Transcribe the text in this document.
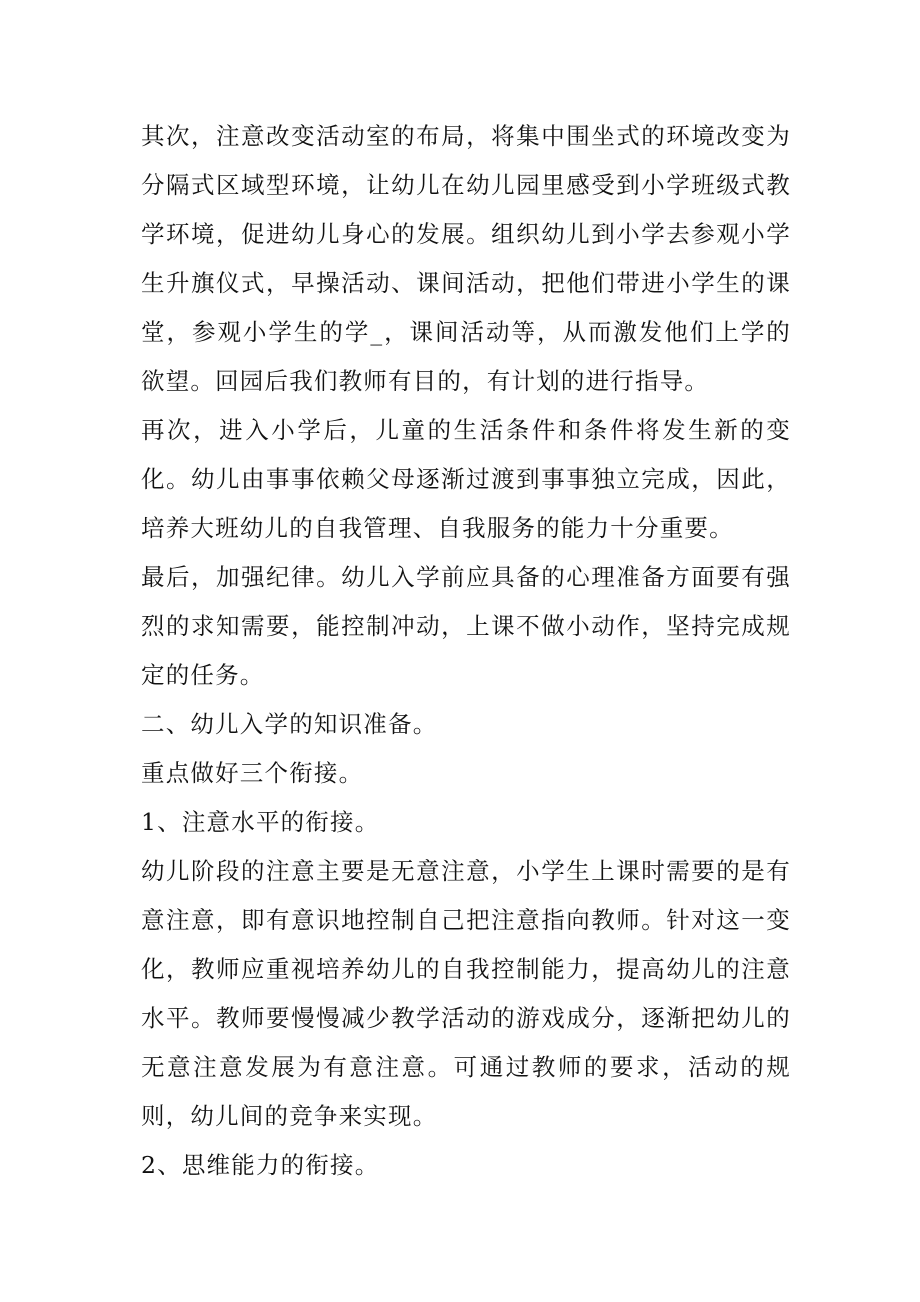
其次，注意改变活动室的布局，将集中围坐式的环境改变为分隔式区域型环境，让幼儿在幼儿园里感受到小学班级式教学环境，促进幼儿身心的发展。组织幼儿到小学去参观小学生升旗仪式，早操活动、课间活动，把他们带进小学生的课堂，参观小学生的学_，课间活动等，从而激发他们上学的欲望。回园后我们教师有目的，有计划的进行指导。

再次，进入小学后，儿童的生活条件和条件将发生新的变化。幼儿由事事依赖父母逐渐过渡到事事独立完成，因此，培养大班幼儿的自我管理、自我服务的能力十分重要。

最后，加强纪律。幼儿入学前应具备的心理准备方面要有强烈的求知需要，能控制冲动，上课不做小动作，坚持完成规定的任务。

二、幼儿入学的知识准备。

重点做好三个衔接。

1、注意水平的衔接。

幼儿阶段的注意主要是无意注意，小学生上课时需要的是有意注意，即有意识地控制自己把注意指向教师。针对这一变化，教师应重视培养幼儿的自我控制能力，提高幼儿的注意水平。教师要慢慢减少教学活动的游戏成分，逐渐把幼儿的无意注意发展为有意注意。可通过教师的要求，活动的规则，幼儿间的竞争来实现。

2、思维能力的衔接。
